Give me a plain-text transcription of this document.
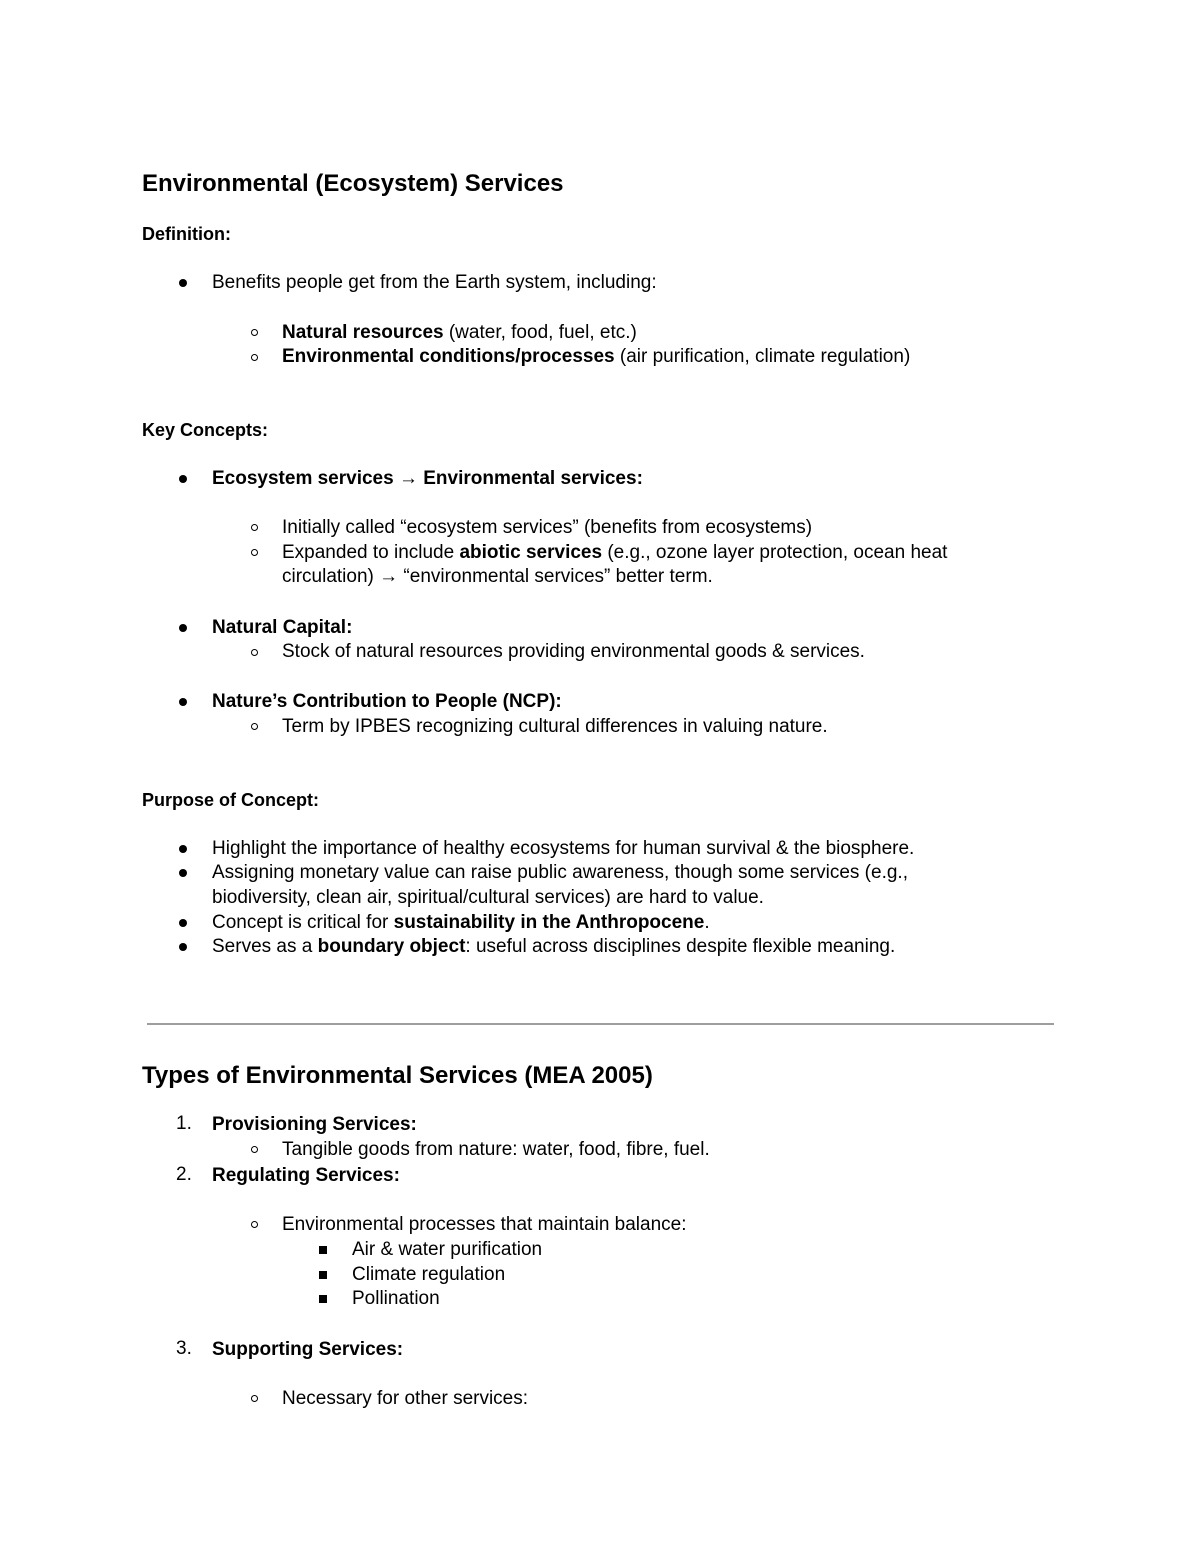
Environmental (Ecosystem) Services
Definition:
Benefits people get from the Earth system, including:
Natural resources (water, food, fuel, etc.)
Environmental conditions/processes (air purification, climate regulation)
Key Concepts:
Ecosystem services → Environmental services:
Initially called “ecosystem services” (benefits from ecosystems)
Expanded to include abiotic services (e.g., ozone layer protection, ocean heat
circulation) → “environmental services” better term.
Natural Capital:
Stock of natural resources providing environmental goods & services.
Nature’s Contribution to People (NCP):
Term by IPBES recognizing cultural differences in valuing nature.
Purpose of Concept:
Highlight the importance of healthy ecosystems for human survival & the biosphere.
Assigning monetary value can raise public awareness, though some services (e.g.,
biodiversity, clean air, spiritual/cultural services) are hard to value.
Concept is critical for sustainability in the Anthropocene.
Serves as a boundary object: useful across disciplines despite flexible meaning.
Types of Environmental Services (MEA 2005)
1. Provisioning Services:
Tangible goods from nature: water, food, fibre, fuel.
2. Regulating Services:
Environmental processes that maintain balance:
Air & water purification
Climate regulation
Pollination
3. Supporting Services:
Necessary for other services:
